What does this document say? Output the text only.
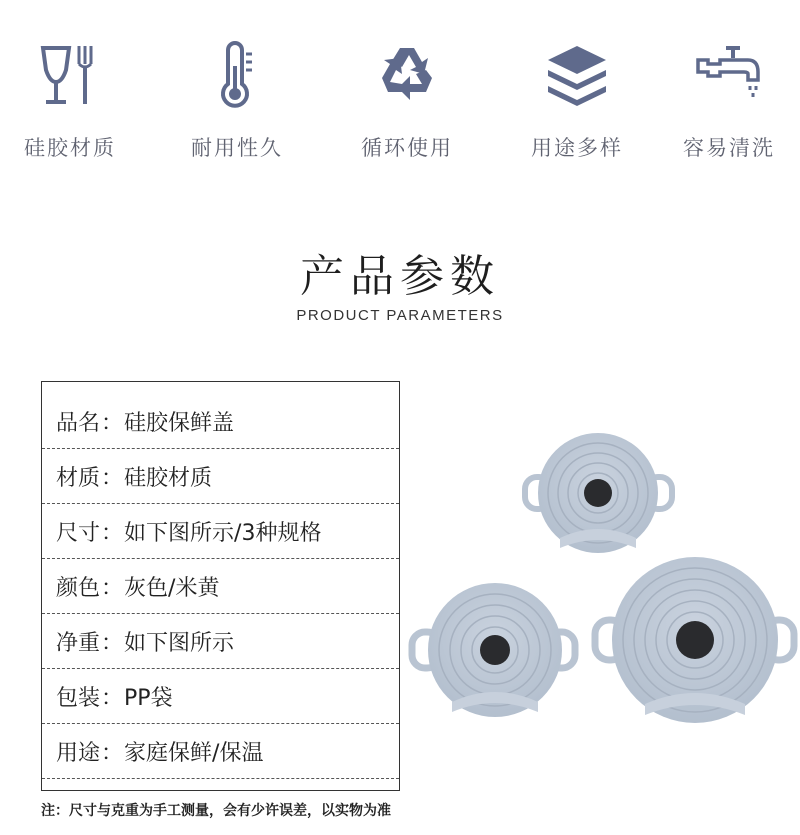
硅胶材质	耐用性久	循环使用	用途多样	容易清洗
产品参数
PRODUCT PARAMETERS
品名 ： 硅胶保鲜盖
材质 ： 硅胶材质
尺寸 ： 如下图所示/3种规格
颜色 ： 灰色/米黄
净重 ： 如下图所示
包装 ： PP袋
用途 ： 家庭保鲜/保温
注：尺寸与克重为手工测量，会有少许误差，以实物为准
